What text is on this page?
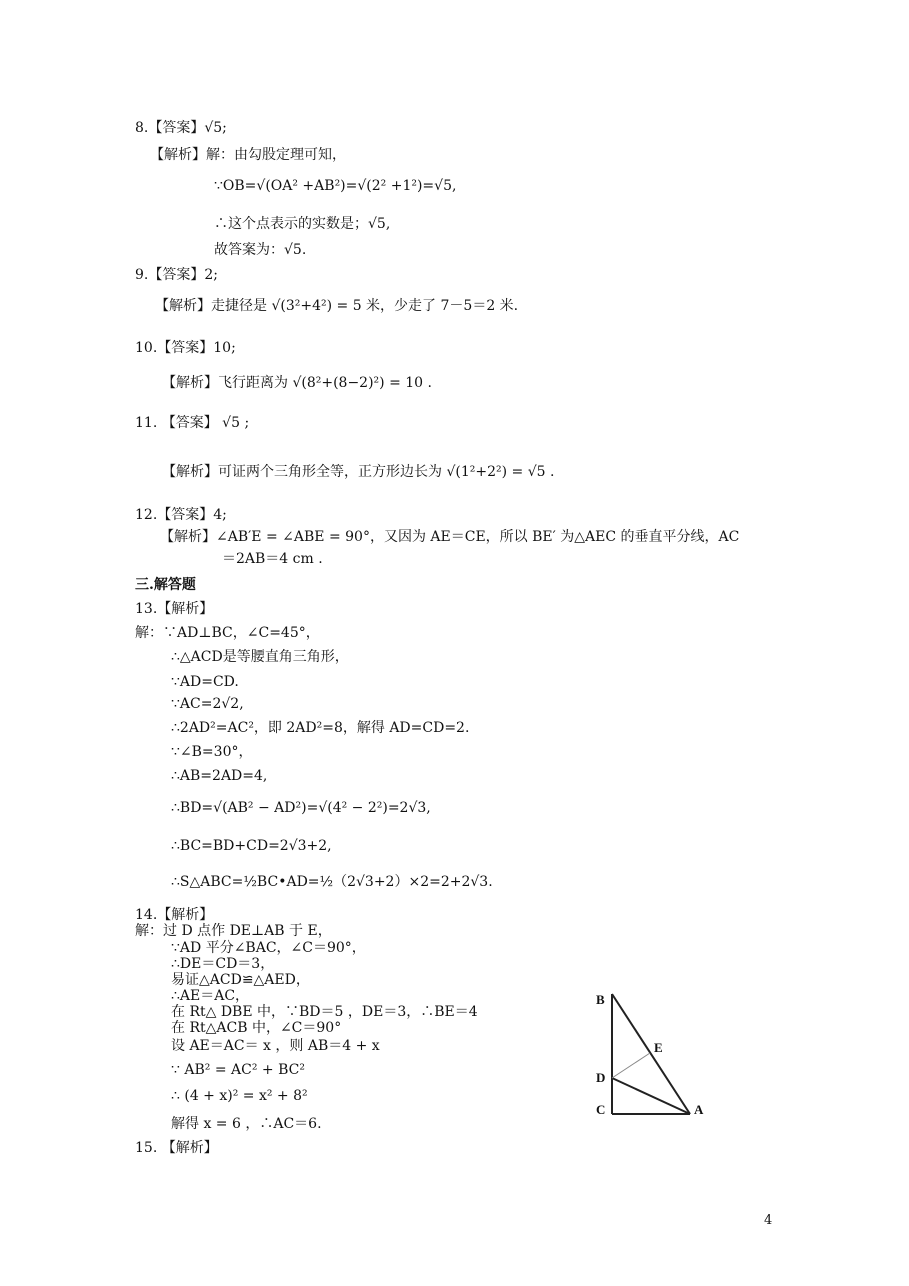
8.【答案】√5;
【解析】解：由勾股定理可知，
∵OB=√(OA² +AB²)=√(2² +1²)=√5,
∴这个点表示的实数是；√5,
故答案为：√5.
9.【答案】2;
【解析】走捷径是 √(3²+4²) = 5 米，少走了 7－5＝2 米.
10.【答案】10;
【解析】飞行距离为 √(8²+(8−2)²) = 10 .
11. 【答案】 √5 ;
【解析】可证两个三角形全等，正方形边长为 √(1²+2²) = √5 .
12.【答案】4;
【解析】∠AB′E = ∠ABE = 90°，又因为 AE＝CE，所以 BE′ 为△AEC 的垂直平分线，AC
＝2AB＝4 cm .
三.解答题
13.【解析】
解：∵AD⊥BC，∠C=45°，
∴△ACD是等腰直角三角形，
∵AD=CD.
∵AC=2√2,
∴2AD²=AC²，即 2AD²=8，解得 AD=CD=2.
∵∠B=30°，
∴AB=2AD=4,
∴BD=√(AB² − AD²)=√(4² − 2²)=2√3,
∴BC=BD+CD=2√3+2,
∴S△ABC=½BC•AD=½（2√3+2）×2=2+2√3.
14.【解析】
解：过 D 点作 DE⊥AB 于 E，
∵AD 平分∠BAC，∠C＝90°，
∴DE＝CD＝3，
易证△ACD≌△AED，
∴AE＝AC，
在 Rt△ DBE 中，∵BD＝5 ，DE＝3，∴BE＝4
在 Rt△ACB 中，∠C＝90°
设 AE＝AC＝ x ，则 AB＝4 + x
∵ AB² = AC² + BC²
∴ (4 + x)² = x² + 8²
解得 x = 6 ，∴AC＝6.
15. 【解析】
B
E
D
C	A
4
